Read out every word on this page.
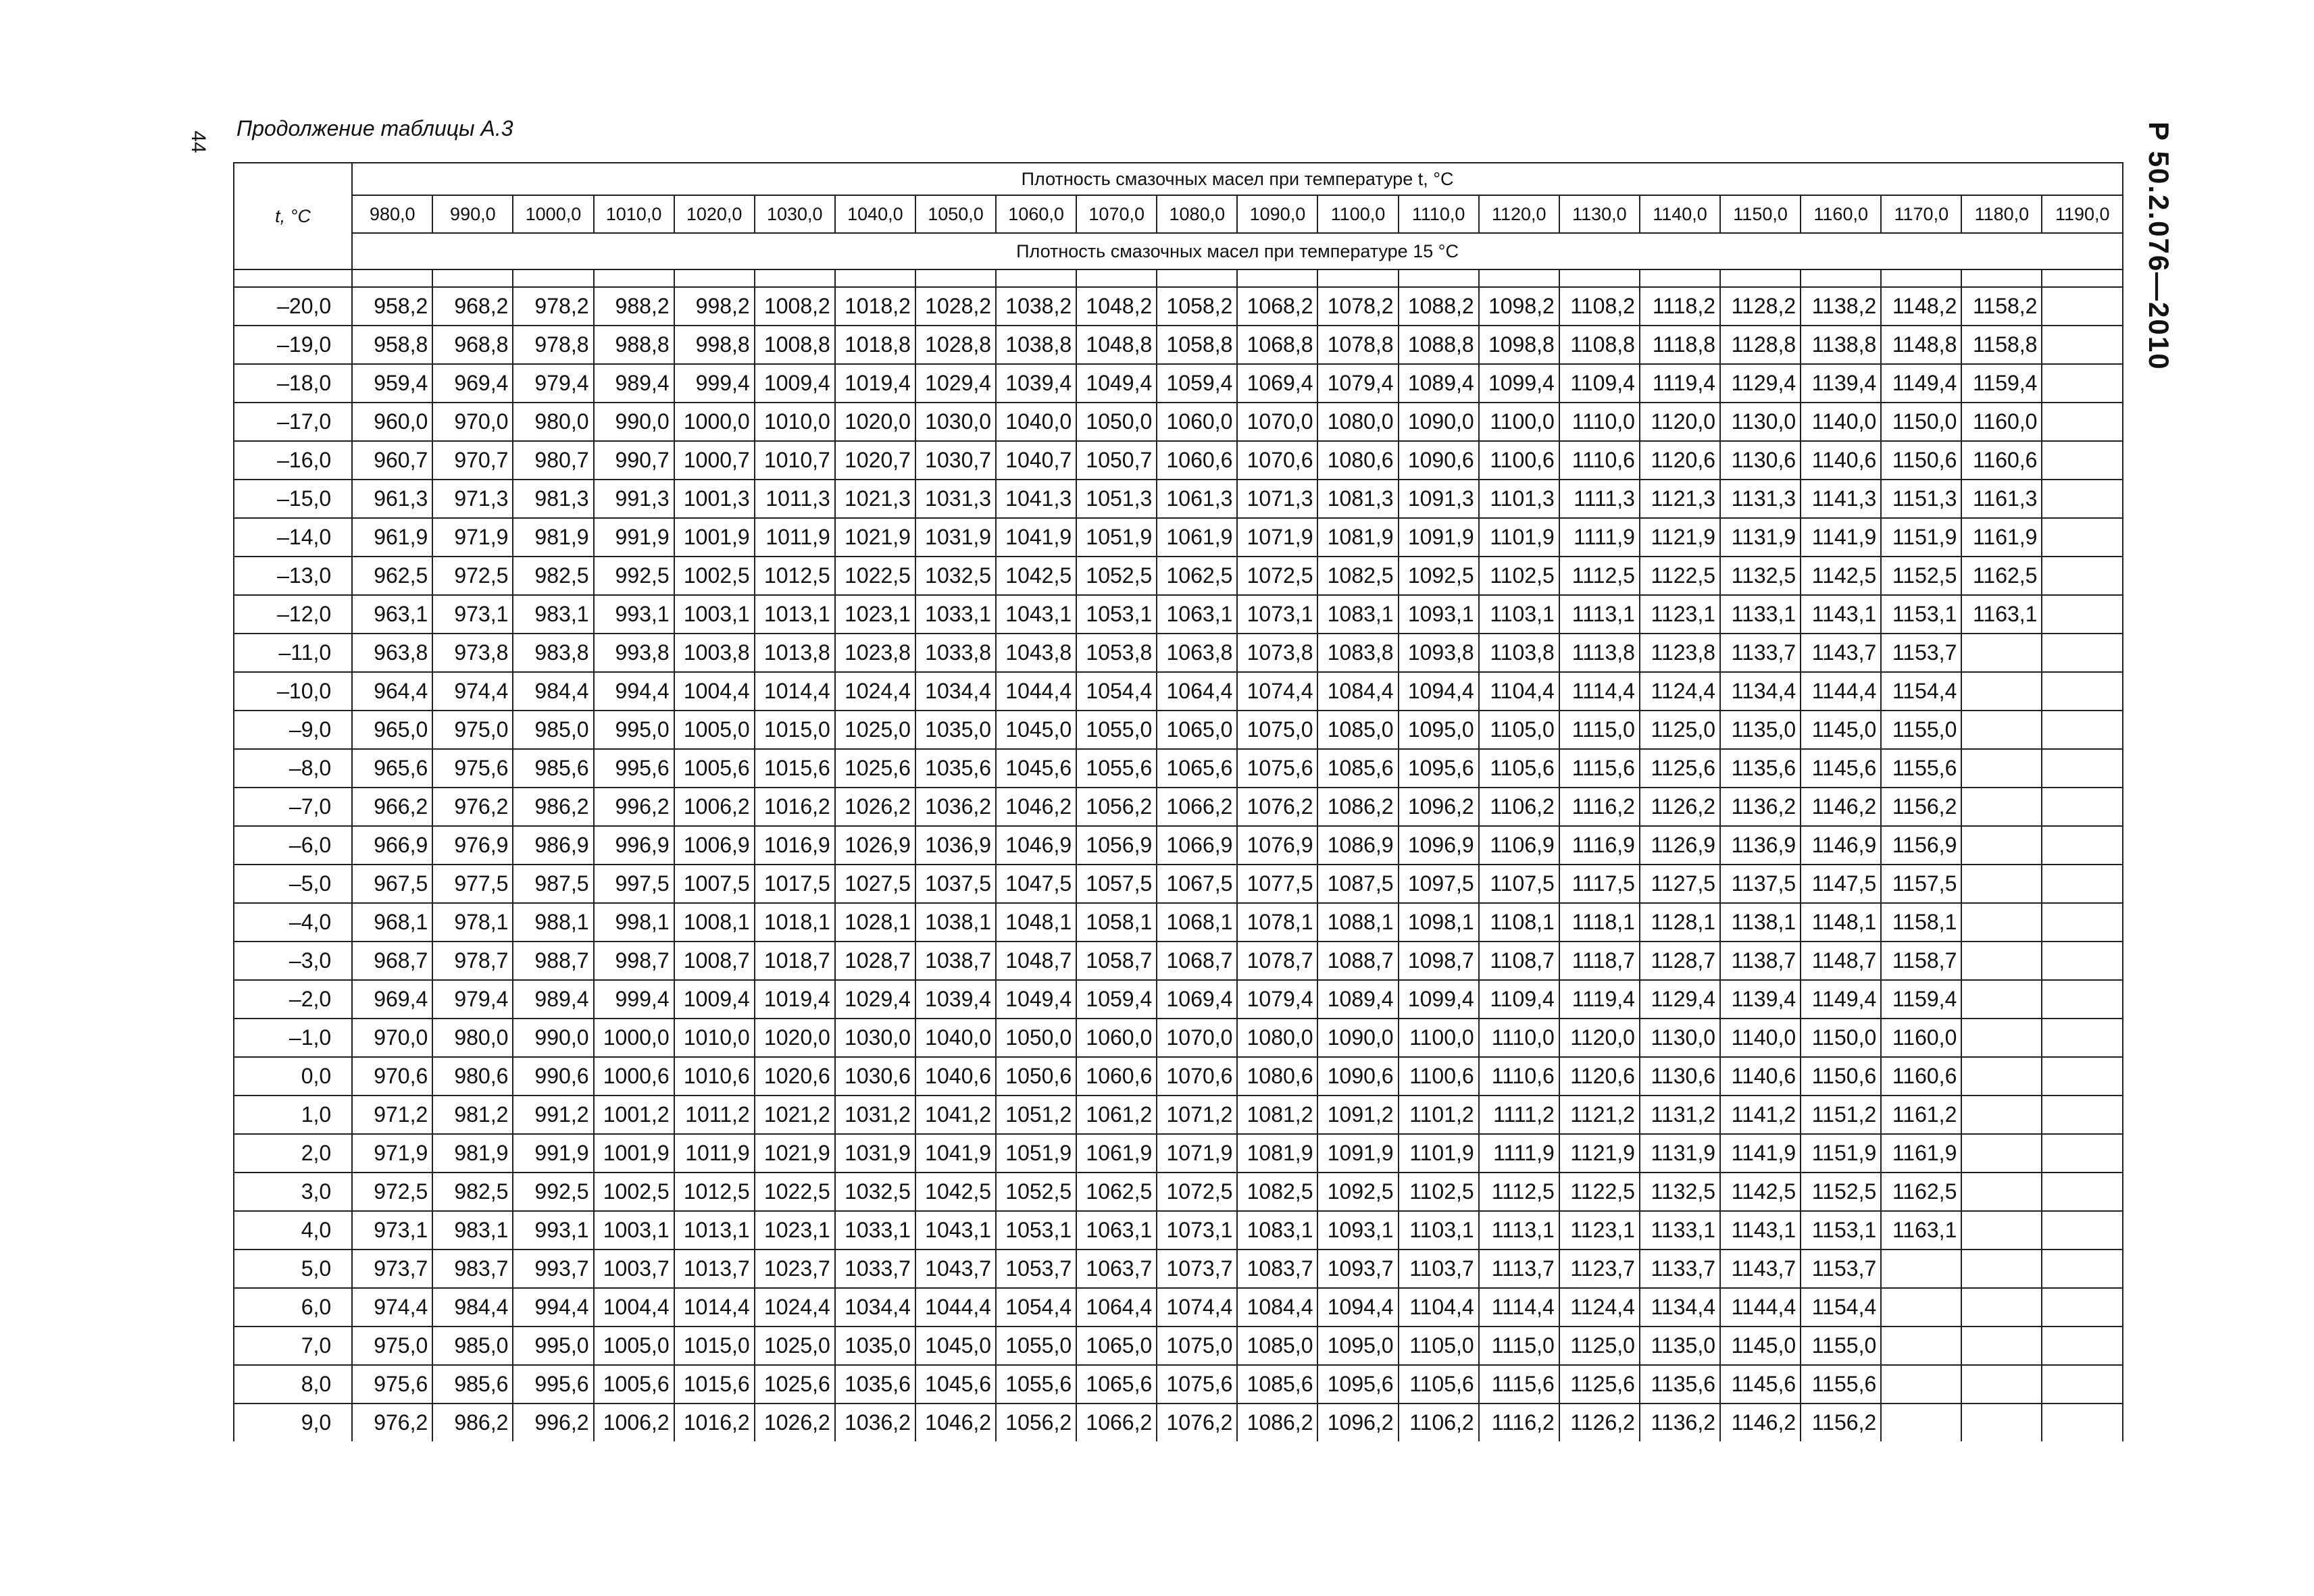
44
Продолжение таблицы А.3	Р 50.2.076—2010
t, °C	Плотность смазочных масел при температуре t, °C																					
	980,0	990,0	1000,0	1010,0	1020,0	1030,0	1040,0	1050,0	1060,0	1070,0	1080,0	1090,0	1100,0	1110,0	1120,0	1130,0	1140,0	1150,0	1160,0	1170,0	1180,0	1190,0
	Плотность смазочных масел при температуре 15 °C																					

–20,0	958,2	968,2	978,2	988,2	998,2	1008,2	1018,2	1028,2	1038,2	1048,2	1058,2	1068,2	1078,2	1088,2	1098,2	1108,2	1118,2	1128,2	1138,2	1148,2	1158,2	
–19,0	958,8	968,8	978,8	988,8	998,8	1008,8	1018,8	1028,8	1038,8	1048,8	1058,8	1068,8	1078,8	1088,8	1098,8	1108,8	1118,8	1128,8	1138,8	1148,8	1158,8	
–18,0	959,4	969,4	979,4	989,4	999,4	1009,4	1019,4	1029,4	1039,4	1049,4	1059,4	1069,4	1079,4	1089,4	1099,4	1109,4	1119,4	1129,4	1139,4	1149,4	1159,4	
–17,0	960,0	970,0	980,0	990,0	1000,0	1010,0	1020,0	1030,0	1040,0	1050,0	1060,0	1070,0	1080,0	1090,0	1100,0	1110,0	1120,0	1130,0	1140,0	1150,0	1160,0	
–16,0	960,7	970,7	980,7	990,7	1000,7	1010,7	1020,7	1030,7	1040,7	1050,7	1060,6	1070,6	1080,6	1090,6	1100,6	1110,6	1120,6	1130,6	1140,6	1150,6	1160,6	
–15,0	961,3	971,3	981,3	991,3	1001,3	1011,3	1021,3	1031,3	1041,3	1051,3	1061,3	1071,3	1081,3	1091,3	1101,3	1111,3	1121,3	1131,3	1141,3	1151,3	1161,3	
–14,0	961,9	971,9	981,9	991,9	1001,9	1011,9	1021,9	1031,9	1041,9	1051,9	1061,9	1071,9	1081,9	1091,9	1101,9	1111,9	1121,9	1131,9	1141,9	1151,9	1161,9	
–13,0	962,5	972,5	982,5	992,5	1002,5	1012,5	1022,5	1032,5	1042,5	1052,5	1062,5	1072,5	1082,5	1092,5	1102,5	1112,5	1122,5	1132,5	1142,5	1152,5	1162,5	
–12,0	963,1	973,1	983,1	993,1	1003,1	1013,1	1023,1	1033,1	1043,1	1053,1	1063,1	1073,1	1083,1	1093,1	1103,1	1113,1	1123,1	1133,1	1143,1	1153,1	1163,1	
–11,0	963,8	973,8	983,8	993,8	1003,8	1013,8	1023,8	1033,8	1043,8	1053,8	1063,8	1073,8	1083,8	1093,8	1103,8	1113,8	1123,8	1133,7	1143,7	1153,7		
–10,0	964,4	974,4	984,4	994,4	1004,4	1014,4	1024,4	1034,4	1044,4	1054,4	1064,4	1074,4	1084,4	1094,4	1104,4	1114,4	1124,4	1134,4	1144,4	1154,4		
–9,0	965,0	975,0	985,0	995,0	1005,0	1015,0	1025,0	1035,0	1045,0	1055,0	1065,0	1075,0	1085,0	1095,0	1105,0	1115,0	1125,0	1135,0	1145,0	1155,0		
–8,0	965,6	975,6	985,6	995,6	1005,6	1015,6	1025,6	1035,6	1045,6	1055,6	1065,6	1075,6	1085,6	1095,6	1105,6	1115,6	1125,6	1135,6	1145,6	1155,6		
–7,0	966,2	976,2	986,2	996,2	1006,2	1016,2	1026,2	1036,2	1046,2	1056,2	1066,2	1076,2	1086,2	1096,2	1106,2	1116,2	1126,2	1136,2	1146,2	1156,2		
–6,0	966,9	976,9	986,9	996,9	1006,9	1016,9	1026,9	1036,9	1046,9	1056,9	1066,9	1076,9	1086,9	1096,9	1106,9	1116,9	1126,9	1136,9	1146,9	1156,9		
–5,0	967,5	977,5	987,5	997,5	1007,5	1017,5	1027,5	1037,5	1047,5	1057,5	1067,5	1077,5	1087,5	1097,5	1107,5	1117,5	1127,5	1137,5	1147,5	1157,5		
–4,0	968,1	978,1	988,1	998,1	1008,1	1018,1	1028,1	1038,1	1048,1	1058,1	1068,1	1078,1	1088,1	1098,1	1108,1	1118,1	1128,1	1138,1	1148,1	1158,1		
–3,0	968,7	978,7	988,7	998,7	1008,7	1018,7	1028,7	1038,7	1048,7	1058,7	1068,7	1078,7	1088,7	1098,7	1108,7	1118,7	1128,7	1138,7	1148,7	1158,7		
–2,0	969,4	979,4	989,4	999,4	1009,4	1019,4	1029,4	1039,4	1049,4	1059,4	1069,4	1079,4	1089,4	1099,4	1109,4	1119,4	1129,4	1139,4	1149,4	1159,4		
–1,0	970,0	980,0	990,0	1000,0	1010,0	1020,0	1030,0	1040,0	1050,0	1060,0	1070,0	1080,0	1090,0	1100,0	1110,0	1120,0	1130,0	1140,0	1150,0	1160,0		
0,0	970,6	980,6	990,6	1000,6	1010,6	1020,6	1030,6	1040,6	1050,6	1060,6	1070,6	1080,6	1090,6	1100,6	1110,6	1120,6	1130,6	1140,6	1150,6	1160,6		
1,0	971,2	981,2	991,2	1001,2	1011,2	1021,2	1031,2	1041,2	1051,2	1061,2	1071,2	1081,2	1091,2	1101,2	1111,2	1121,2	1131,2	1141,2	1151,2	1161,2		
2,0	971,9	981,9	991,9	1001,9	1011,9	1021,9	1031,9	1041,9	1051,9	1061,9	1071,9	1081,9	1091,9	1101,9	1111,9	1121,9	1131,9	1141,9	1151,9	1161,9		
3,0	972,5	982,5	992,5	1002,5	1012,5	1022,5	1032,5	1042,5	1052,5	1062,5	1072,5	1082,5	1092,5	1102,5	1112,5	1122,5	1132,5	1142,5	1152,5	1162,5		
4,0	973,1	983,1	993,1	1003,1	1013,1	1023,1	1033,1	1043,1	1053,1	1063,1	1073,1	1083,1	1093,1	1103,1	1113,1	1123,1	1133,1	1143,1	1153,1	1163,1		
5,0	973,7	983,7	993,7	1003,7	1013,7	1023,7	1033,7	1043,7	1053,7	1063,7	1073,7	1083,7	1093,7	1103,7	1113,7	1123,7	1133,7	1143,7	1153,7			
6,0	974,4	984,4	994,4	1004,4	1014,4	1024,4	1034,4	1044,4	1054,4	1064,4	1074,4	1084,4	1094,4	1104,4	1114,4	1124,4	1134,4	1144,4	1154,4			
7,0	975,0	985,0	995,0	1005,0	1015,0	1025,0	1035,0	1045,0	1055,0	1065,0	1075,0	1085,0	1095,0	1105,0	1115,0	1125,0	1135,0	1145,0	1155,0			
8,0	975,6	985,6	995,6	1005,6	1015,6	1025,6	1035,6	1045,6	1055,6	1065,6	1075,6	1085,6	1095,6	1105,6	1115,6	1125,6	1135,6	1145,6	1155,6			
9,0	976,2	986,2	996,2	1006,2	1016,2	1026,2	1036,2	1046,2	1056,2	1066,2	1076,2	1086,2	1096,2	1106,2	1116,2	1126,2	1136,2	1146,2	1156,2			
